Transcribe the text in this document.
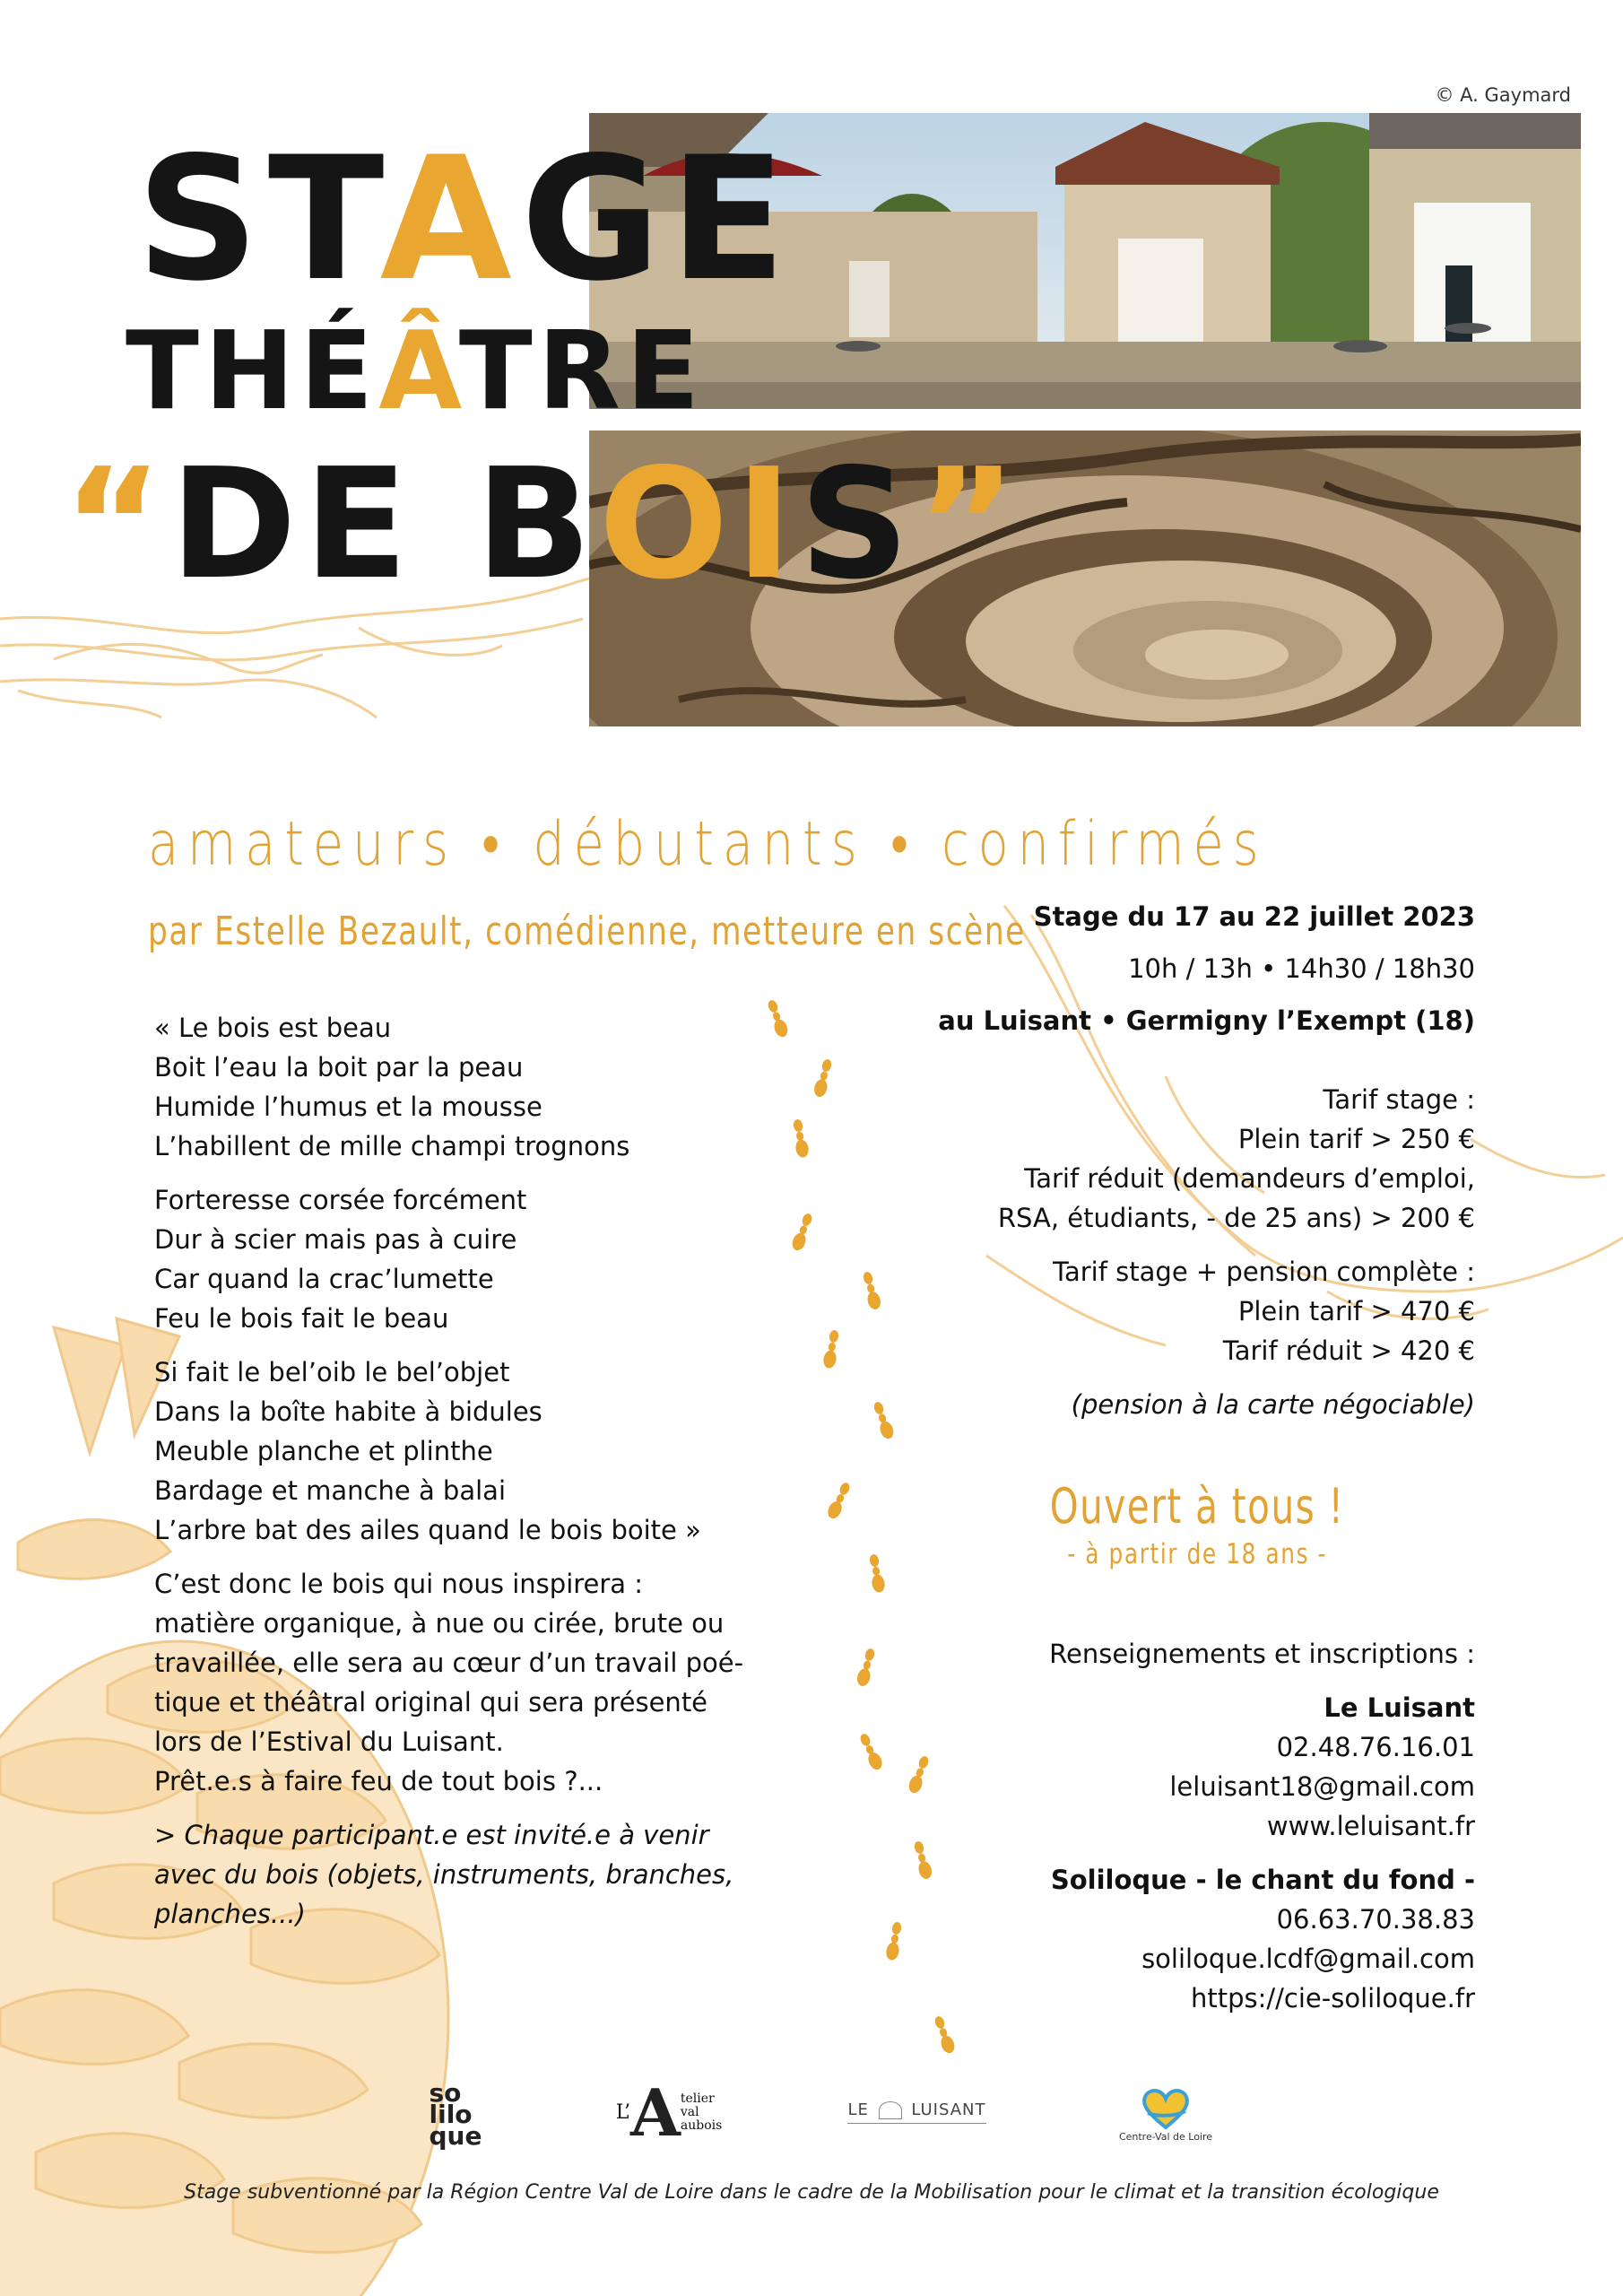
© A. Gaymard
STAGE
THÉÂTRE
“DE BOIS”
amateurs • débutants • confirmés
par Estelle Bezault, comédienne, metteure en scène

« Le bois est beau
Boit l’eau la boit par la peau
Humide l’humus et la mousse
L’habillent de mille champi trognons

Forteresse corsée forcément
Dur à scier mais pas à cuire
Car quand la crac’lumette
Feu le bois fait le beau

Si fait le bel’oib le bel’objet
Dans la boîte habite à bidules
Meuble planche et plinthe
Bardage et manche à balai
L’arbre bat des ailes quand le bois boite »

C’est donc le bois qui nous inspirera :
matière organique, à nue ou cirée, brute ou
travaillée, elle sera au cœur d’un travail poé-
tique et théâtral original qui sera présenté
lors de l’Estival du Luisant.
Prêt.e.s à faire feu de tout bois ?...

> Chaque participant.e est invité.e à venir
avec du bois (objets, instruments, branches,
planches...)

Stage du 17 au 22 juillet 2023
10h / 13h • 14h30 / 18h30
au Luisant • Germigny l’Exempt (18)
Tarif stage :
Plein tarif > 250 €
Tarif réduit (demandeurs d’emploi,
RSA, étudiants, - de 25 ans) > 200 €
Tarif stage + pension complète :
Plein tarif > 470 €
Tarif réduit > 420 €
(pension à la carte négociable)
Ouvert à tous !
- à partir de 18 ans -
Renseignements et inscriptions :
Le Luisant
02.48.76.16.01
leluisant18@gmail.com
www.leluisant.fr
Soliloque - le chant du fond -
06.63.70.38.83
soliloque.lcdf@gmail.com
https://cie-soliloque.fr
so
lilo
que
L’ A telier
val
aubois
LE	LUISANT
Centre-Val de Loire
Stage subventionné par la Région Centre Val de Loire dans le cadre de la Mobilisation pour le climat et la transition écologique
